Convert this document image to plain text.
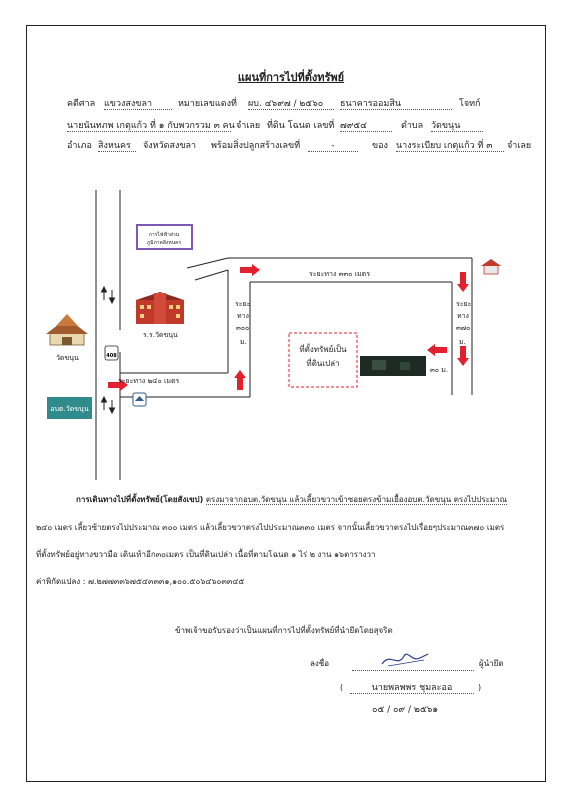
แผนที่การไปที่ตั้งทรัพย์
คดีศาล แขวงสงขลา	หมายเลขแดงที่ ผบ. ๔๖๙๗ / ๒๕๖๐	ธนาคารออมสิน	โจทก์
นายนันทภพ เกตุแก้ว ที่ ๑ กับพวกรวม ๓ คน จำเลย ที่ดิน โฉนด เลขที่ ๗๙๕๔	ตำบล วัดขนุน
อำเภอ สิงหนคร	จังหวัดสงขลา พร้อมสิ่งปลูกสร้างเลขที่	-	ของ นางระเบียบ เกตุแก้ว ที่ ๓	จำเลย
การไฟฟ้าส่วน
ภูมิภาคสิงหนคร
ร.ร.วัดขนุน
วัดขนุน	408
อบต.วัดขนุน
ระยะทาง ๒๔๐ เมตร
ระยะทาง ๓๓๐ เมตร
ระยะ
ทาง
๓๐๐
ม.
ระยะ
ทาง
๓๗๐
ม.
๓๐ ม.
ที่ตั้งทรัพย์เป็น
ที่ดินเปล่า
การเดินทางไปที่ตั้งทรัพย์(โดยสังเขป) ตรงมาจากอบต.วัดขนุน แล้วเลี้ยวขวาเข้าซอยตรงข้ามเยื้องอบต.วัดขนุน ตรงไปประมาณ
๒๔๐ เมตร เลี้ยวซ้ายตรงไปประมาณ ๓๐๐ เมตร แล้วเลี้ยวขวาตรงไปประมาณ๓๓๐ เมตร จากนั้นเลี้ยวขวาตรงไปเรื่อยๆประมาณ๓๗๐ เมตร
ที่ตั้งทรัพย์อยู่ทางขวามือ เดินเท้าอีก๓๐เมตร เป็นที่ดินเปล่า เนื้อที่ตามโฉนด ๑ ไร่ ๒ งาน ๑๖ตารางวา
ค่าพิกัดแปลง : ๗.๒๗๗๓๓๖๗๕๔๓๓๓๑,๑๐๐.๕๐๖๔๖๐๓๓๔๕
ข้าพเจ้าขอรับรองว่าเป็นแผนที่การไปที่ตั้งทรัพย์ที่นำยึดโดยสุจริต
ลงชื่อ	ผู้นำยึด
(	นายพลพพร ชุมละออ	)
๐๕ / ๐๙ / ๒๕๖๑
